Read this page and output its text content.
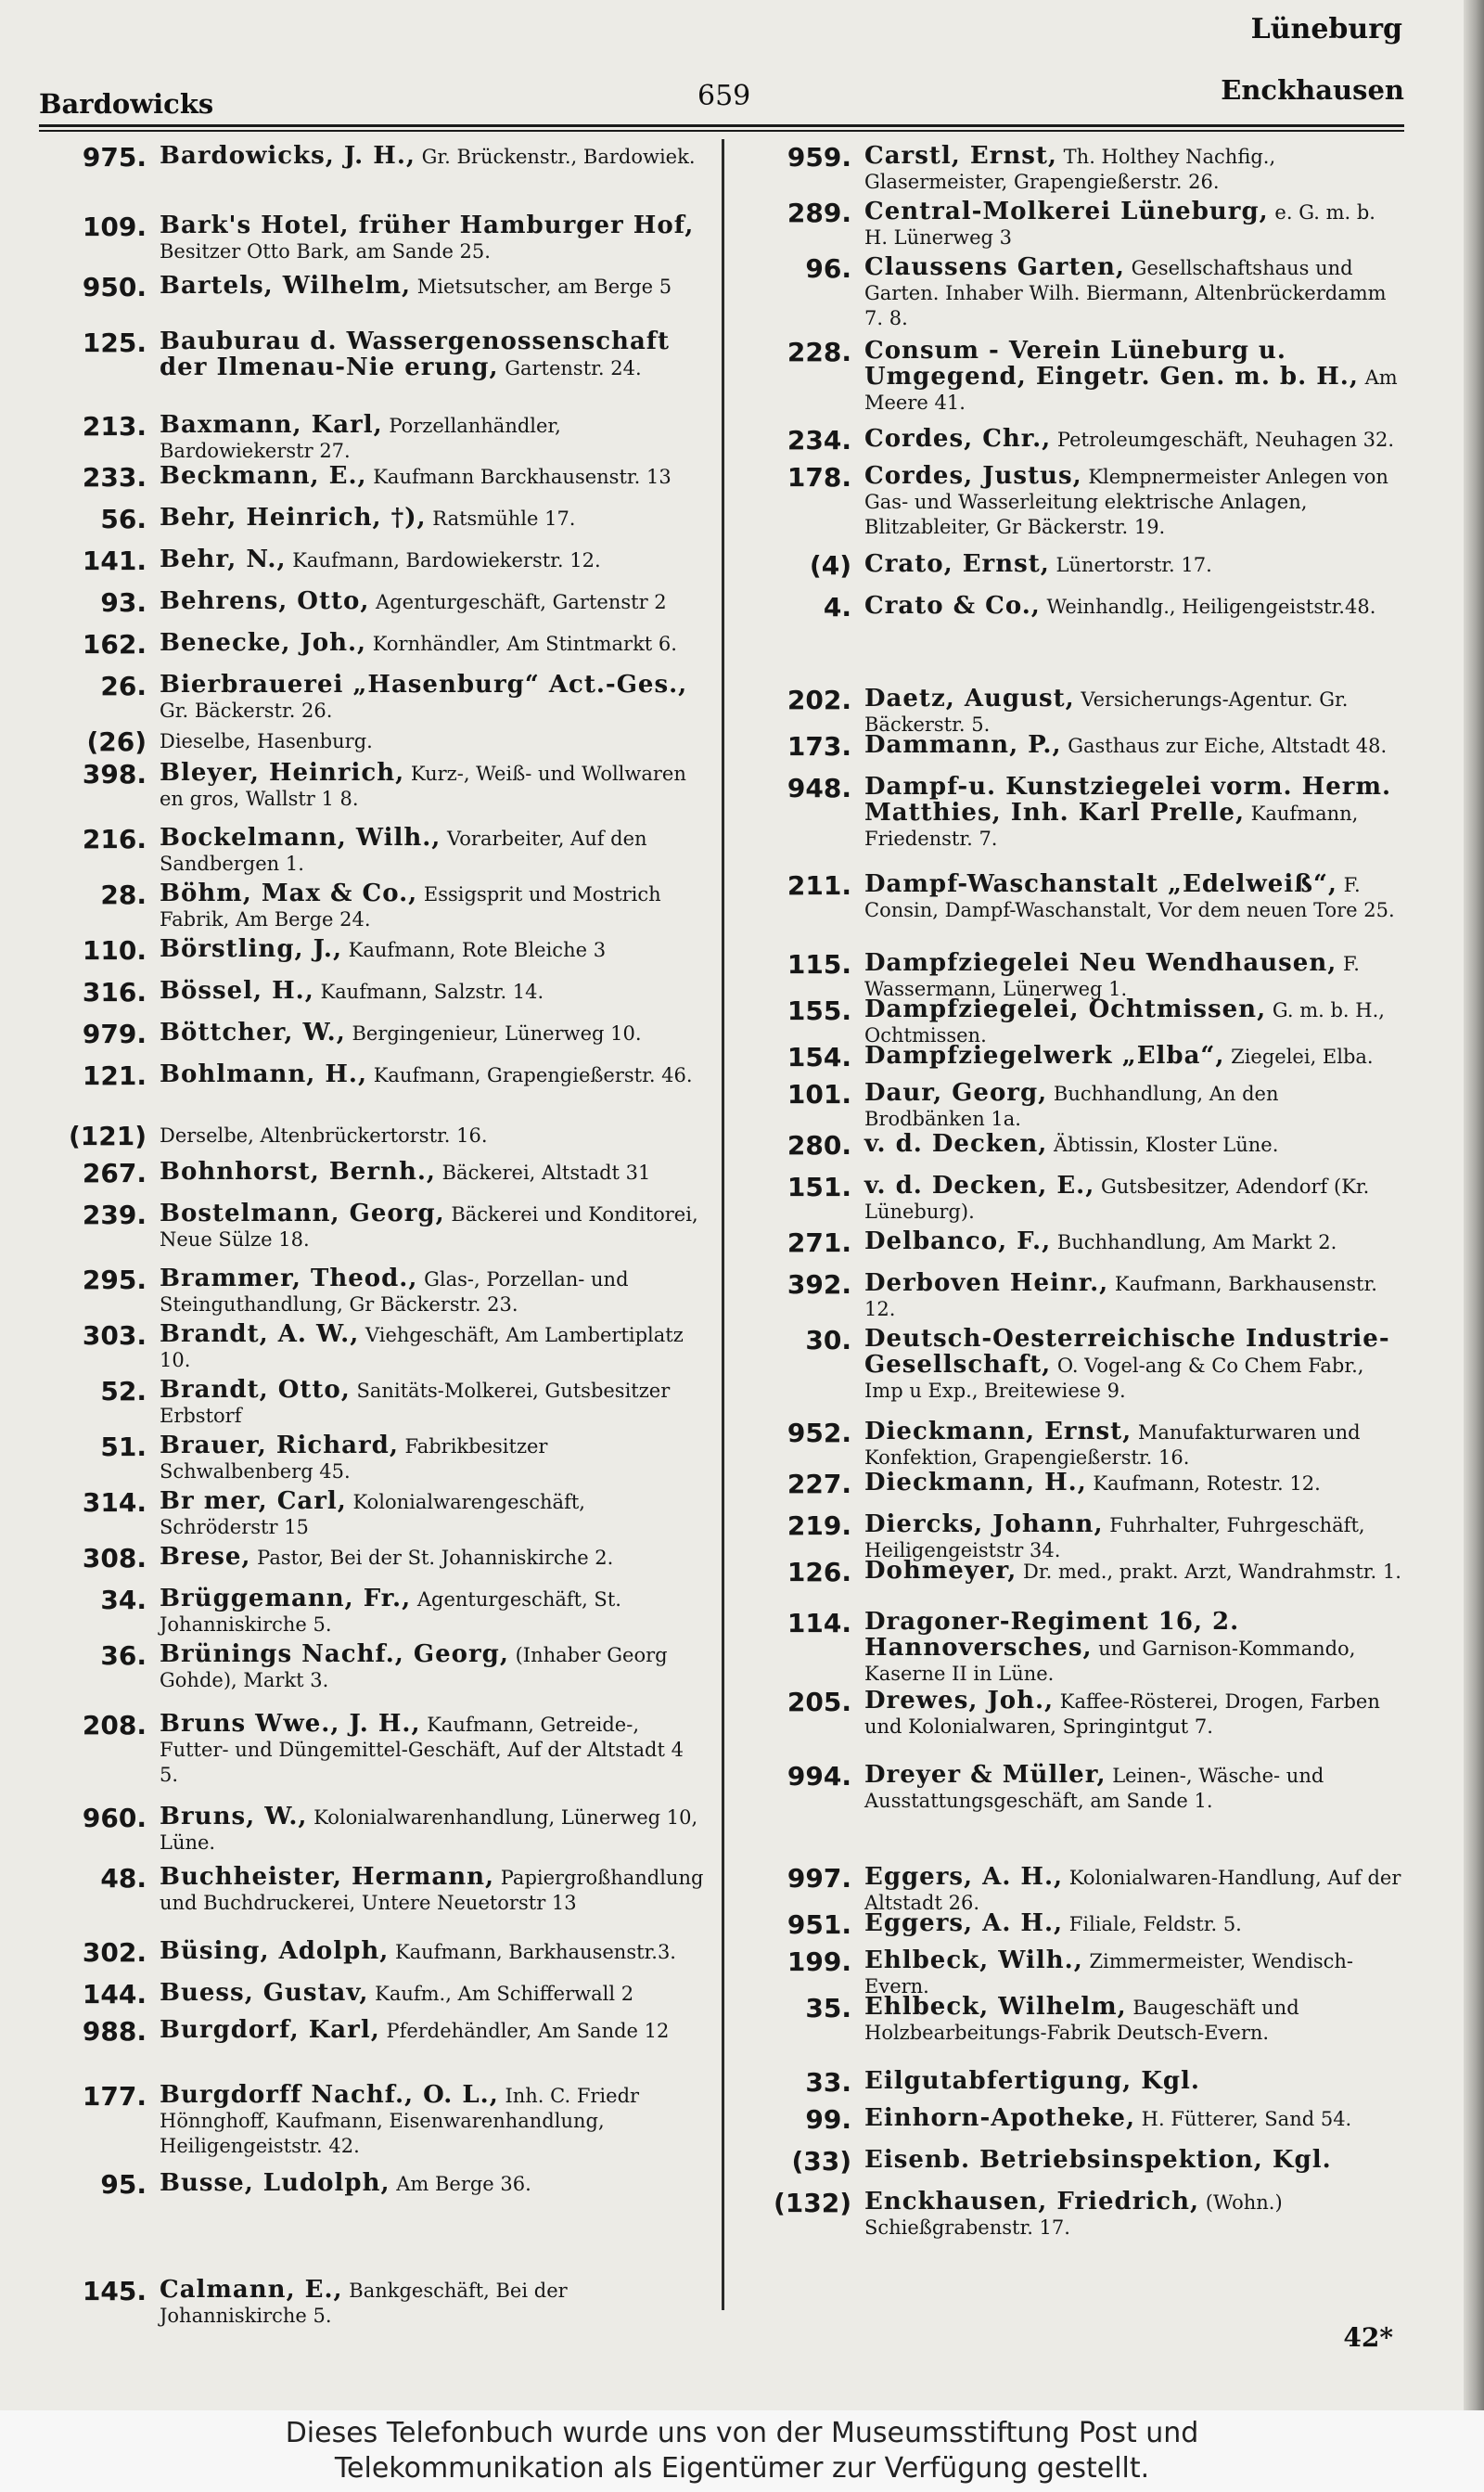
Lüneburg
Bardowicks	659	Enckhausen
975. Bardowicks, J. H., Gr. Brückenstr., Bardowiek.
109. Bark's Hotel, früher Hamburger Hof, Besitzer Otto Bark, am Sande 25.
950. Bartels, Wilhelm, Mietsutscher, am Berge 5
125. Bauburau d. Wassergenossenschaft der Ilmenau-Nie erung, Gartenstr. 24.
213. Baxmann, Karl, Porzellanhändler, Bardowiekerstr 27.
233. Beckmann, E., Kaufmann Barckhausenstr. 13
56. Behr, Heinrich, †), Ratsmühle 17.
141. Behr, N., Kaufmann, Bardowiekerstr. 12.
93. Behrens, Otto, Agenturgeschäft, Gartenstr 2
162. Benecke, Joh., Kornhändler, Am Stintmarkt 6.
26. Bierbrauerei „Hasenburg“ Act.-Ges., Gr. Bäckerstr. 26.
(26) Dieselbe, Hasenburg.
398. Bleyer, Heinrich, Kurz-, Weiß- und Wollwaren en gros, Wallstr 1 8.
216. Bockelmann, Wilh., Vorarbeiter, Auf den Sandbergen 1.
28. Böhm, Max & Co., Essigsprit und Mostrich Fabrik, Am Berge 24.
110. Börstling, J., Kaufmann, Rote Bleiche 3
316. Bössel, H., Kaufmann, Salzstr. 14.
979. Böttcher, W., Bergingenieur, Lünerweg 10.
121. Bohlmann, H., Kaufmann, Grapengießerstr. 46.
(121) Derselbe, Altenbrückertorstr. 16.
267. Bohnhorst, Bernh., Bäckerei, Altstadt 31
239. Bostelmann, Georg, Bäckerei und Konditorei, Neue Sülze 18.
295. Brammer, Theod., Glas-, Porzellan- und Steinguthandlung, Gr Bäckerstr. 23.
303. Brandt, A. W., Viehgeschäft, Am Lambertiplatz 10.
52. Brandt, Otto, Sanitäts-Molkerei, Gutsbesitzer Erbstorf
51. Brauer, Richard, Fabrikbesitzer Schwalbenberg 45.
314. Br mer, Carl, Kolonialwarengeschäft, Schröderstr 15
308. Brese, Pastor, Bei der St. Johanniskirche 2.
34. Brüggemann, Fr., Agenturgeschäft, St. Johanniskirche 5.
36. Brünings Nachf., Georg, (Inhaber Georg Gohde), Markt 3.
208. Bruns Wwe., J. H., Kaufmann, Getreide-, Futter- und Düngemittel-Geschäft, Auf der Altstadt 4 5.
960. Bruns, W., Kolonialwarenhandlung, Lünerweg 10, Lüne.
48. Buchheister, Hermann, Papiergroßhandlung und Buchdruckerei, Untere Neuetorstr 13
302. Büsing, Adolph, Kaufmann, Barkhausenstr.3.
144. Buess, Gustav, Kaufm., Am Schifferwall 2
988. Burgdorf, Karl, Pferdehändler, Am Sande 12
177. Burgdorff Nachf., O. L., Inh. C. Friedr Hönnghoff, Kaufmann, Eisenwarenhandlung, Heiligengeiststr. 42.
95. Busse, Ludolph, Am Berge 36.
145. Calmann, E., Bankgeschäft, Bei der Johanniskirche 5.
959. Carstl, Ernst, Th. Holthey Nachfig., Glasermeister, Grapengießerstr. 26.
289. Central-Molkerei Lüneburg, e. G. m. b. H. Lünerweg 3
96. Claussens Garten, Gesellschaftshaus und Garten. Inhaber Wilh. Biermann, Altenbrückerdamm 7. 8.
228. Consum - Verein Lüneburg u. Umgegend, Eingetr. Gen. m. b. H., Am Meere 41.
234. Cordes, Chr., Petroleumgeschäft, Neuhagen 32.
178. Cordes, Justus, Klempnermeister Anlegen von Gas- und Wasserleitung elektrische Anlagen, Blitzableiter, Gr Bäckerstr. 19.
(4) Crato, Ernst, Lünertorstr. 17.
4. Crato & Co., Weinhandlg., Heiligengeiststr.48.
202. Daetz, August, Versicherungs-Agentur. Gr. Bäckerstr. 5.
173. Dammann, P., Gasthaus zur Eiche, Altstadt 48.
948. Dampf-u. Kunstziegelei vorm. Herm. Matthies, Inh. Karl Prelle, Kaufmann, Friedenstr. 7.
211. Dampf-Waschanstalt „Edelweiß“, F. Consin, Dampf-Waschanstalt, Vor dem neuen Tore 25.
115. Dampfziegelei Neu Wendhausen, F. Wassermann, Lünerweg 1.
155. Dampfziegelei, Ochtmissen, G. m. b. H., Ochtmissen.
154. Dampfziegelwerk „Elba“, Ziegelei, Elba.
101. Daur, Georg, Buchhandlung, An den Brodbänken 1a.
280. v. d. Decken, Äbtissin, Kloster Lüne.
151. v. d. Decken, E., Gutsbesitzer, Adendorf (Kr. Lüneburg).
271. Delbanco, F., Buchhandlung, Am Markt 2.
392. Derboven Heinr., Kaufmann, Barkhausenstr. 12.
30. Deutsch-Oesterreichische Industrie-Gesellschaft, O. Vogel-ang & Co Chem Fabr., Imp u Exp., Breitewiese 9.
952. Dieckmann, Ernst, Manufakturwaren und Konfektion, Grapengießerstr. 16.
227. Dieckmann, H., Kaufmann, Rotestr. 12.
219. Diercks, Johann, Fuhrhalter, Fuhrgeschäft, Heiligengeiststr 34.
126. Dohmeyer, Dr. med., prakt. Arzt, Wandrahmstr. 1.
114. Dragoner-Regiment 16, 2. Hannoversches, und Garnison-Kommando, Kaserne II in Lüne.
205. Drewes, Joh., Kaffee-Rösterei, Drogen, Farben und Kolonialwaren, Springintgut 7.
994. Dreyer & Müller, Leinen-, Wäsche- und Ausstattungsgeschäft, am Sande 1.
997. Eggers, A. H., Kolonialwaren-Handlung, Auf der Altstadt 26.
951. Eggers, A. H., Filiale, Feldstr. 5.
199. Ehlbeck, Wilh., Zimmermeister, Wendisch-Evern.
35. Ehlbeck, Wilhelm, Baugeschäft und Holzbearbeitungs-Fabrik Deutsch-Evern.
33. Eilgutabfertigung, Kgl.
99. Einhorn-Apotheke, H. Fütterer, Sand 54.
(33) Eisenb. Betriebsinspektion, Kgl.
(132) Enckhausen, Friedrich, (Wohn.) Schießgrabenstr. 17.
42*
Dieses Telefonbuch wurde uns von der Museumsstiftung Post und
Telekommunikation als Eigentümer zur Verfügung gestellt.
